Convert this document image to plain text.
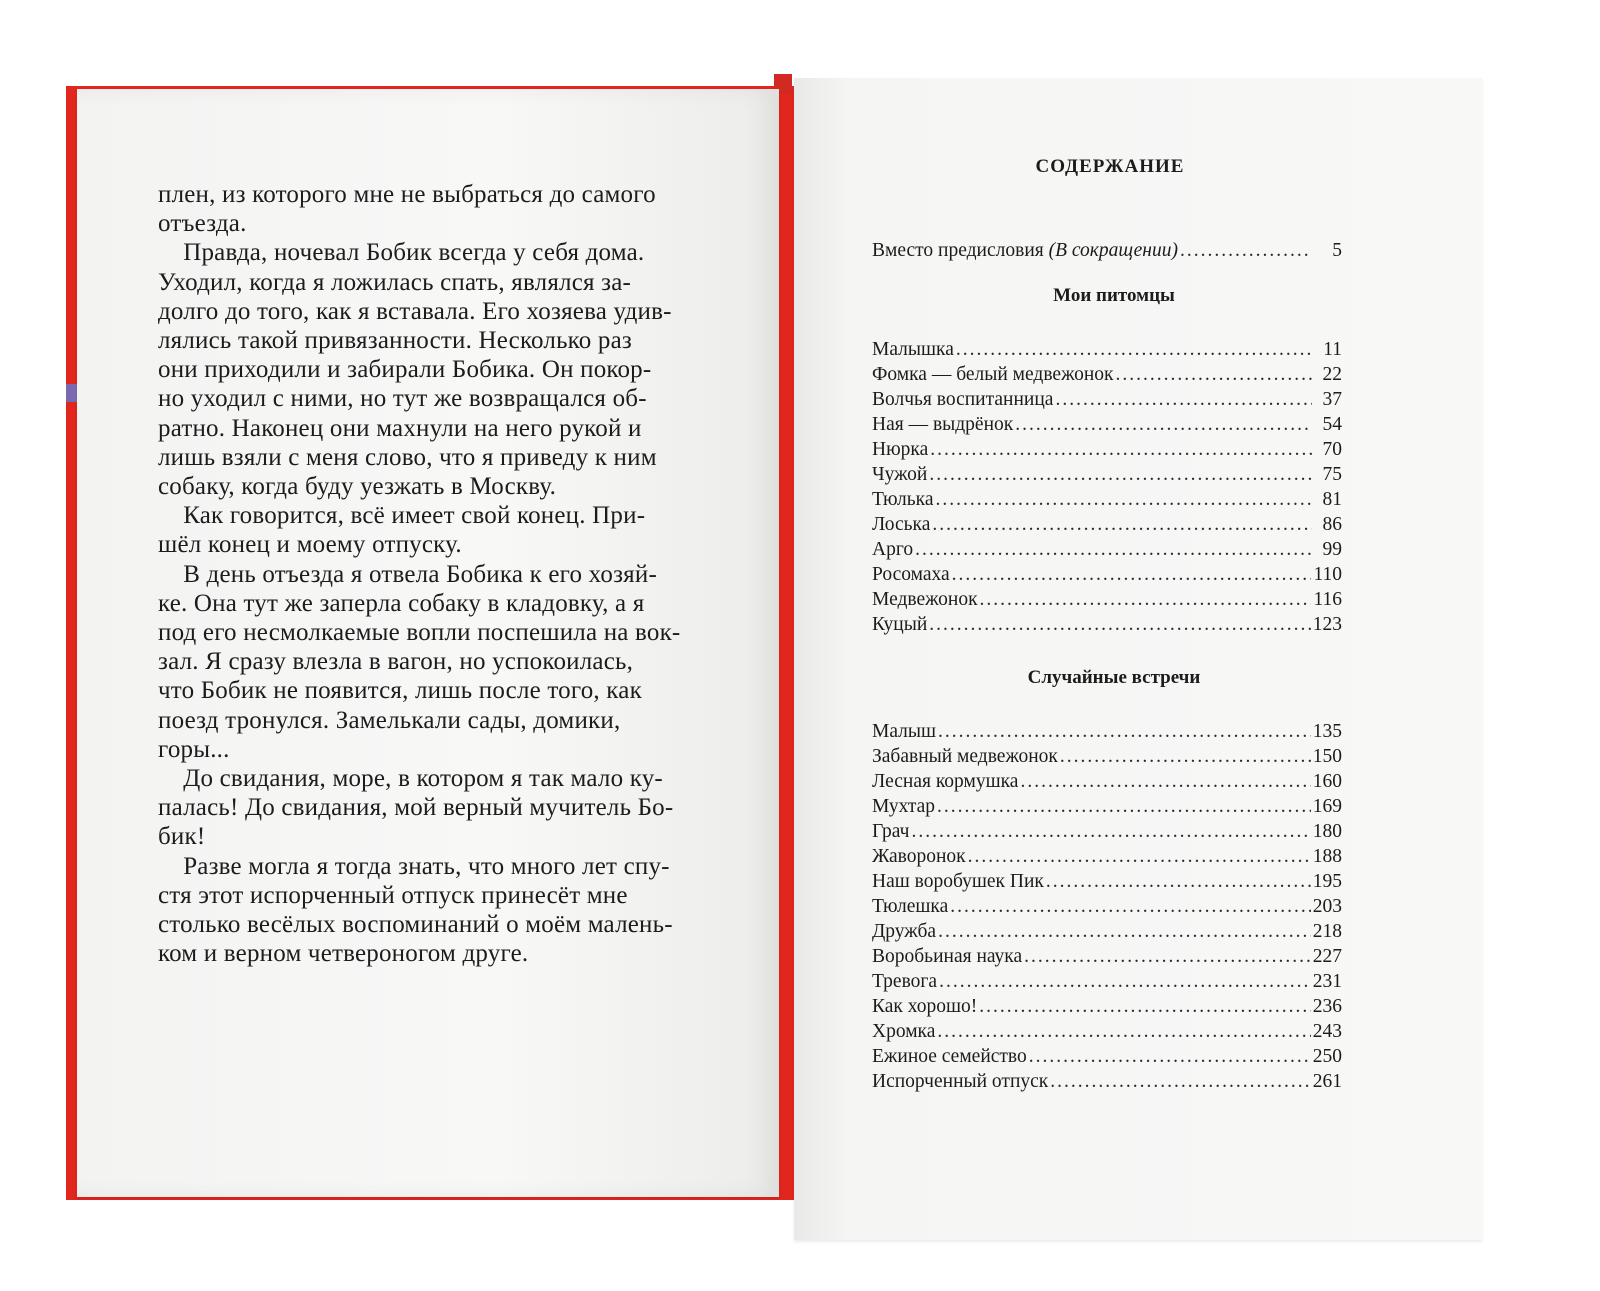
плен, из которого мне не выбраться до самого
отъезда.

 Правда, ночевал Бобик всегда у себя дома.
Уходил, когда я ложилась спать, являлся за-
долго до того, как я вставала. Его хозяева удив-
лялись такой привязанности. Несколько раз
они приходили и забирали Бобика. Он покор-
но уходил с ними, но тут же возвращался об-
ратно. Наконец они махнули на него рукой и
лишь взяли с меня слово, что я приведу к ним
собаку, когда буду уезжать в Москву.

 Как говорится, всё имеет свой конец. При-
шёл конец и моему отпуску.

 В день отъезда я отвела Бобика к его хозяй-
ке. Она тут же заперла собаку в кладовку, а я
под его несмолкаемые вопли поспешила на вок-
зал. Я сразу влезла в вагон, но успокоилась,
что Бобик не появится, лишь после того, как
поезд тронулся. Замелькали сады, домики,
горы...

 До свидания, море, в котором я так мало ку-
палась! До свидания, мой верный мучитель Бо-
бик!

 Разве могла я тогда знать, что много лет спу-
стя этот испорченный отпуск принесёт мне
столько весёлых воспоминаний о моём малень-
ком и верном четвероногом друге.

СОДЕРЖАНИЕ
Вместо предисловия (В сокращении) .....	5
Мои питомцы
Малышка .....	11
Фомка — белый медвежонок .....	22
Волчья воспитанница .....	37
Ная — выдрёнок .....	54
Нюрка .....	70
Чужой .....	75
Тюлька .....	81
Лоська .....	86
Арго .....	99
Росомаха .....	110
Медвежонок .....	116
Куцый .....	123
Случайные встречи
Малыш .....	135
Забавный медвежонок .....	150
Лесная кормушка .....	160
Мухтар .....	169
Грач .....	180
Жаворонок .....	188
Наш воробушек Пик .....	195
Тюлешка .....	203
Дружба .....	218
Воробьиная наука .....	227
Тревога .....	231
Как хорошо! .....	236
Хромка .....	243
Ежиное семейство .....	250
Испорченный отпуск .....	261
